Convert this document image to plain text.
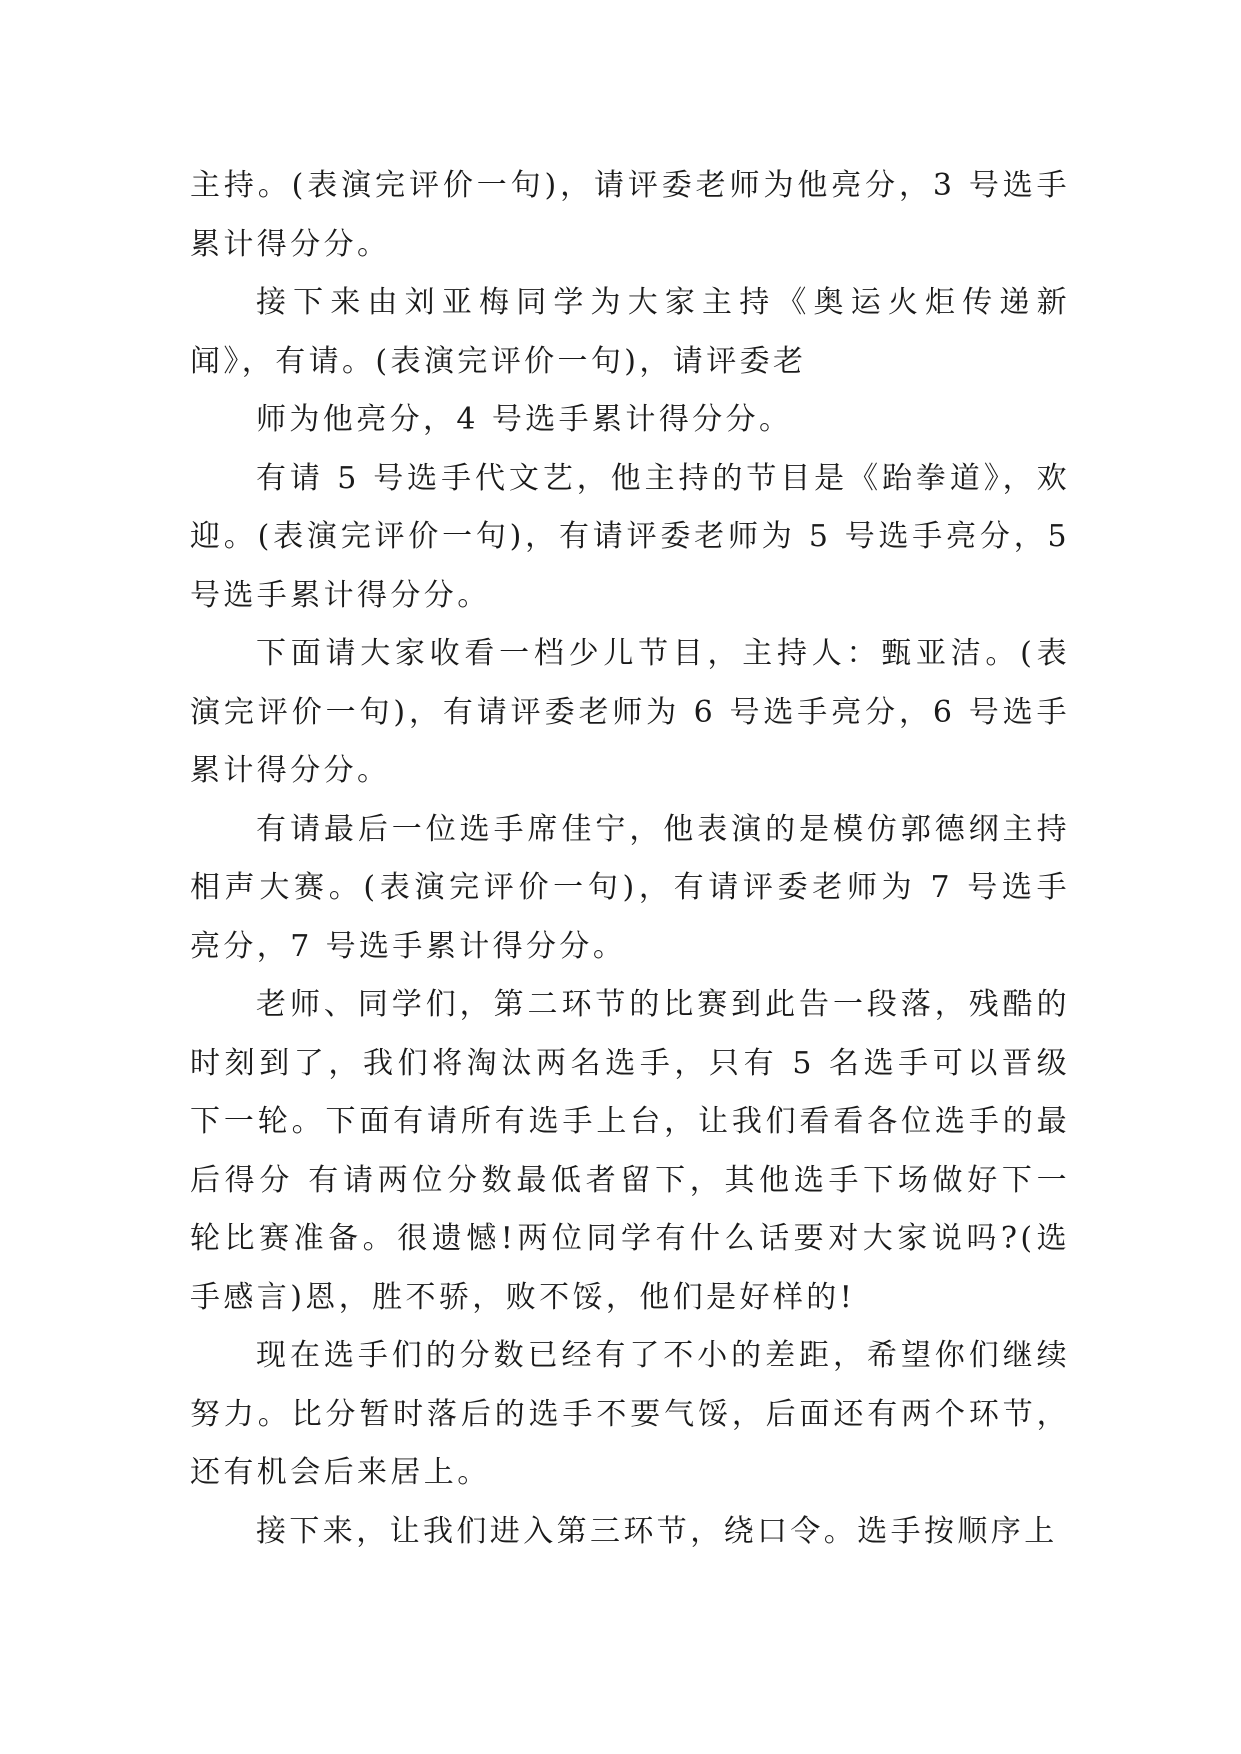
主持。(表演完评价一句)，请评委老师为他亮分，3 号选手累计得分分。

接下来由刘亚梅同学为大家主持《奥运火炬传递新闻》，有请。(表演完评价一句)，请评委老

师为他亮分，4 号选手累计得分分。

有请 5 号选手代文艺，他主持的节目是《跆拳道》，欢迎。(表演完评价一句)，有请评委老师为 5 号选手亮分，5 号选手累计得分分。

下面请大家收看一档少儿节目，主持人：甄亚洁。(表演完评价一句)，有请评委老师为 6 号选手亮分，6 号选手累计得分分。

有请最后一位选手席佳宁，他表演的是模仿郭德纲主持相声大赛。(表演完评价一句)，有请评委老师为 7 号选手亮分，7 号选手累计得分分。

老师、同学们，第二环节的比赛到此告一段落，残酷的时刻到了，我们将淘汰两名选手，只有 5 名选手可以晋级下一轮。下面有请所有选手上台，让我们看看各位选手的最后得分 有请两位分数最低者留下，其他选手下场做好下一轮比赛准备。很遗憾!两位同学有什么话要对大家说吗?(选手感言)恩，胜不骄，败不馁，他们是好样的!

现在选手们的分数已经有了不小的差距，希望你们继续努力。比分暂时落后的选手不要气馁，后面还有两个环节，还有机会后来居上。

接下来，让我们进入第三环节，绕口令。选手按顺序上
